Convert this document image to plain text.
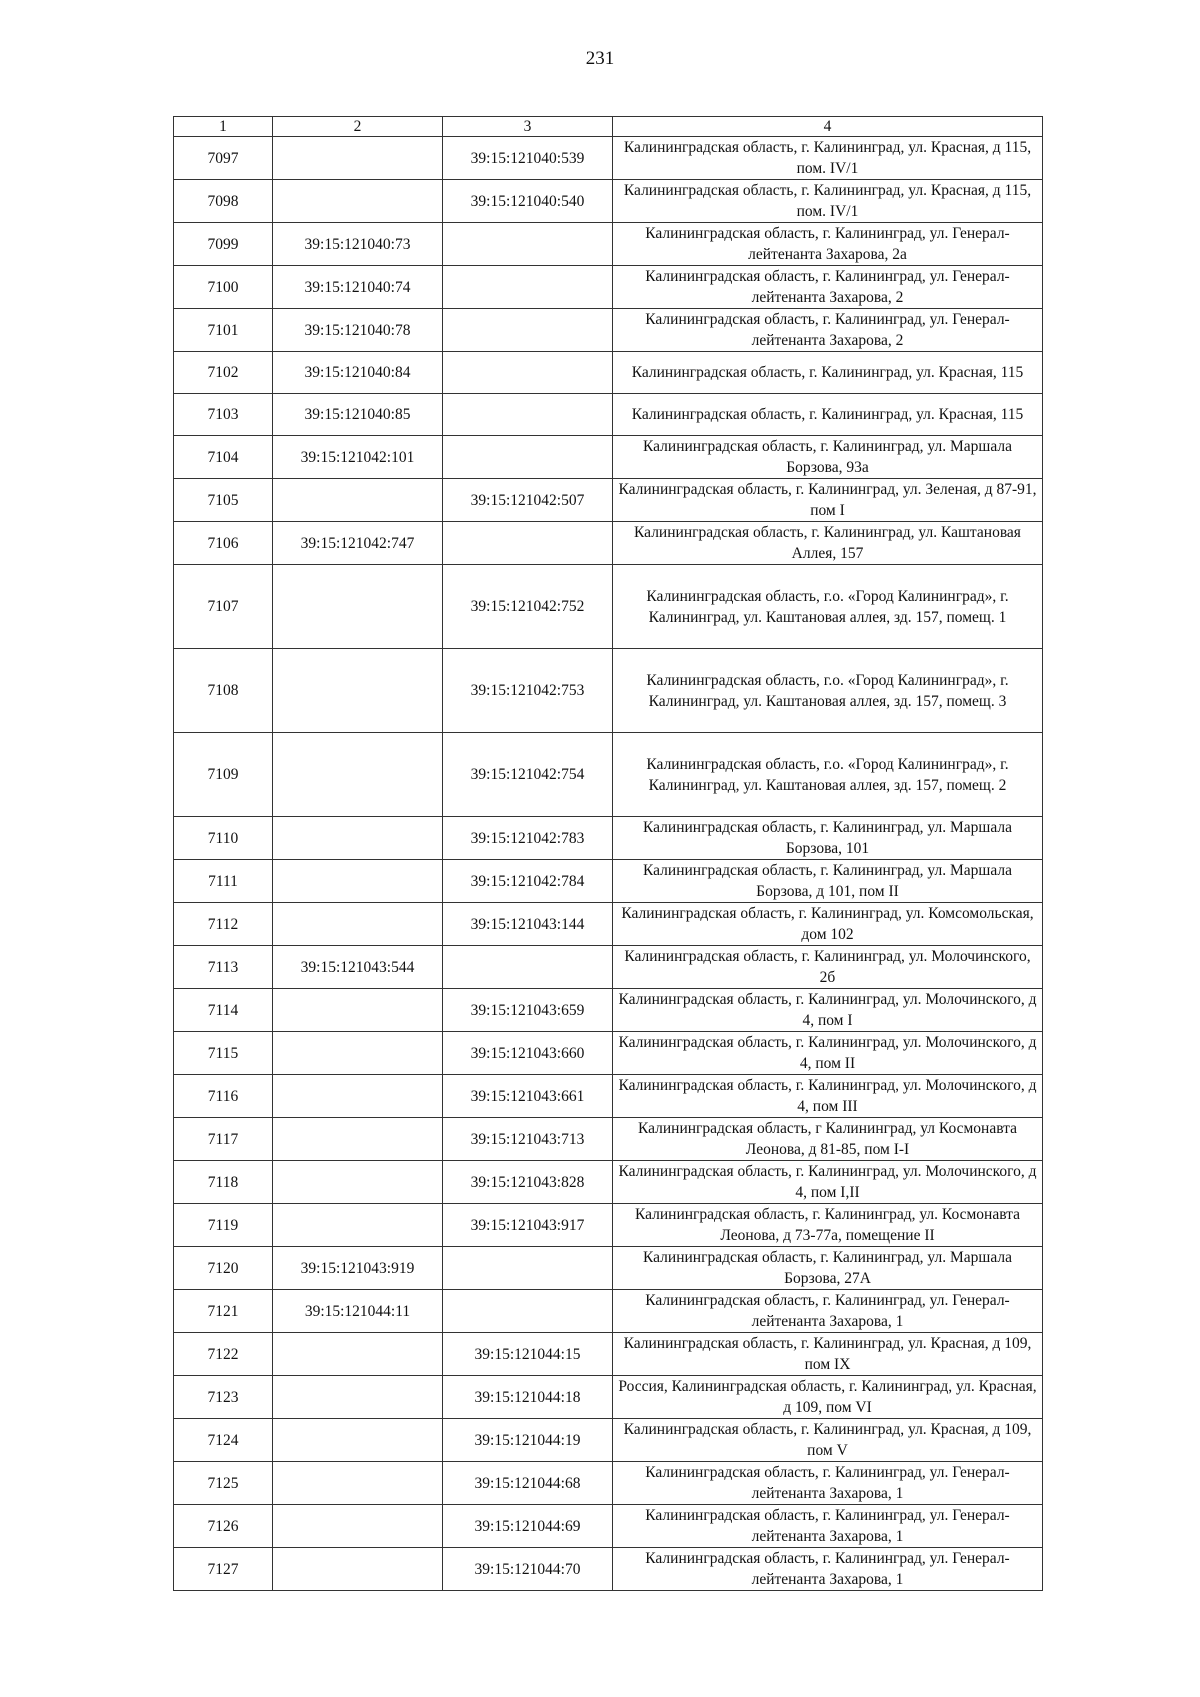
231
1	2	3	4
7097		39:15:121040:539	Калининградская область, г. Калининград, ул. Красная, д 115, пом. IV/1
7098		39:15:121040:540	Калининградская область, г. Калининград, ул. Красная, д 115, пом. IV/1
7099	39:15:121040:73		Калининградская область, г. Калининград, ул. Генерал-лейтенанта Захарова, 2а
7100	39:15:121040:74		Калининградская область, г. Калининград, ул. Генерал-лейтенанта Захарова, 2
7101	39:15:121040:78		Калининградская область, г. Калининград, ул. Генерал-лейтенанта Захарова, 2
7102	39:15:121040:84		Калининградская область, г. Калининград, ул. Красная, 115
7103	39:15:121040:85		Калининградская область, г. Калининград, ул. Красная, 115
7104	39:15:121042:101		Калининградская область, г. Калининград, ул. Маршала Борзова, 93а
7105		39:15:121042:507	Калининградская область, г. Калининград, ул. Зеленая, д 87-91, пом I
7106	39:15:121042:747		Калининградская область, г. Калининград, ул. Каштановая Аллея, 157
7107		39:15:121042:752	Калининградская область, г.о. «Город Калининград», г. Калининград, ул. Каштановая аллея, зд. 157, помещ. 1
7108		39:15:121042:753	Калининградская область, г.о. «Город Калининград», г. Калининград, ул. Каштановая аллея, зд. 157, помещ. 3
7109		39:15:121042:754	Калининградская область, г.о. «Город Калининград», г. Калининград, ул. Каштановая аллея, зд. 157, помещ. 2
7110		39:15:121042:783	Калининградская область, г. Калининград, ул. Маршала Борзова, 101
7111		39:15:121042:784	Калининградская область, г. Калининград, ул. Маршала Борзова, д 101, пом II
7112		39:15:121043:144	Калининградская область, г. Калининград, ул. Комсомольская, дом 102
7113	39:15:121043:544		Калининградская область, г. Калининград, ул. Молочинского, 2б
7114		39:15:121043:659	Калининградская область, г. Калининград, ул. Молочинского, д 4, пом I
7115		39:15:121043:660	Калининградская область, г. Калининград, ул. Молочинского, д 4, пом II
7116		39:15:121043:661	Калининградская область, г. Калининград, ул. Молочинского, д 4, пом III
7117		39:15:121043:713	Калининградская область, г Калининград, ул Космонавта Леонова, д 81-85, пом I-I
7118		39:15:121043:828	Калининградская область, г. Калининград, ул. Молочинского, д 4, пом I,II
7119		39:15:121043:917	Калининградская область, г. Калининград, ул. Космонавта Леонова, д 73-77а, помещение II
7120	39:15:121043:919		Калининградская область, г. Калининград, ул. Маршала Борзова, 27А
7121	39:15:121044:11		Калининградская область, г. Калининград, ул. Генерал-лейтенанта Захарова, 1
7122		39:15:121044:15	Калининградская область, г. Калининград, ул. Красная, д 109, пом IX
7123		39:15:121044:18	Россия, Калининградская область, г. Калининград, ул. Красная, д 109, пом VI
7124		39:15:121044:19	Калининградская область, г. Калининград, ул. Красная, д 109, пом V
7125		39:15:121044:68	Калининградская область, г. Калининград, ул. Генерал-лейтенанта Захарова, 1
7126		39:15:121044:69	Калининградская область, г. Калининград, ул. Генерал-лейтенанта Захарова, 1
7127		39:15:121044:70	Калининградская область, г. Калининград, ул. Генерал-лейтенанта Захарова, 1
